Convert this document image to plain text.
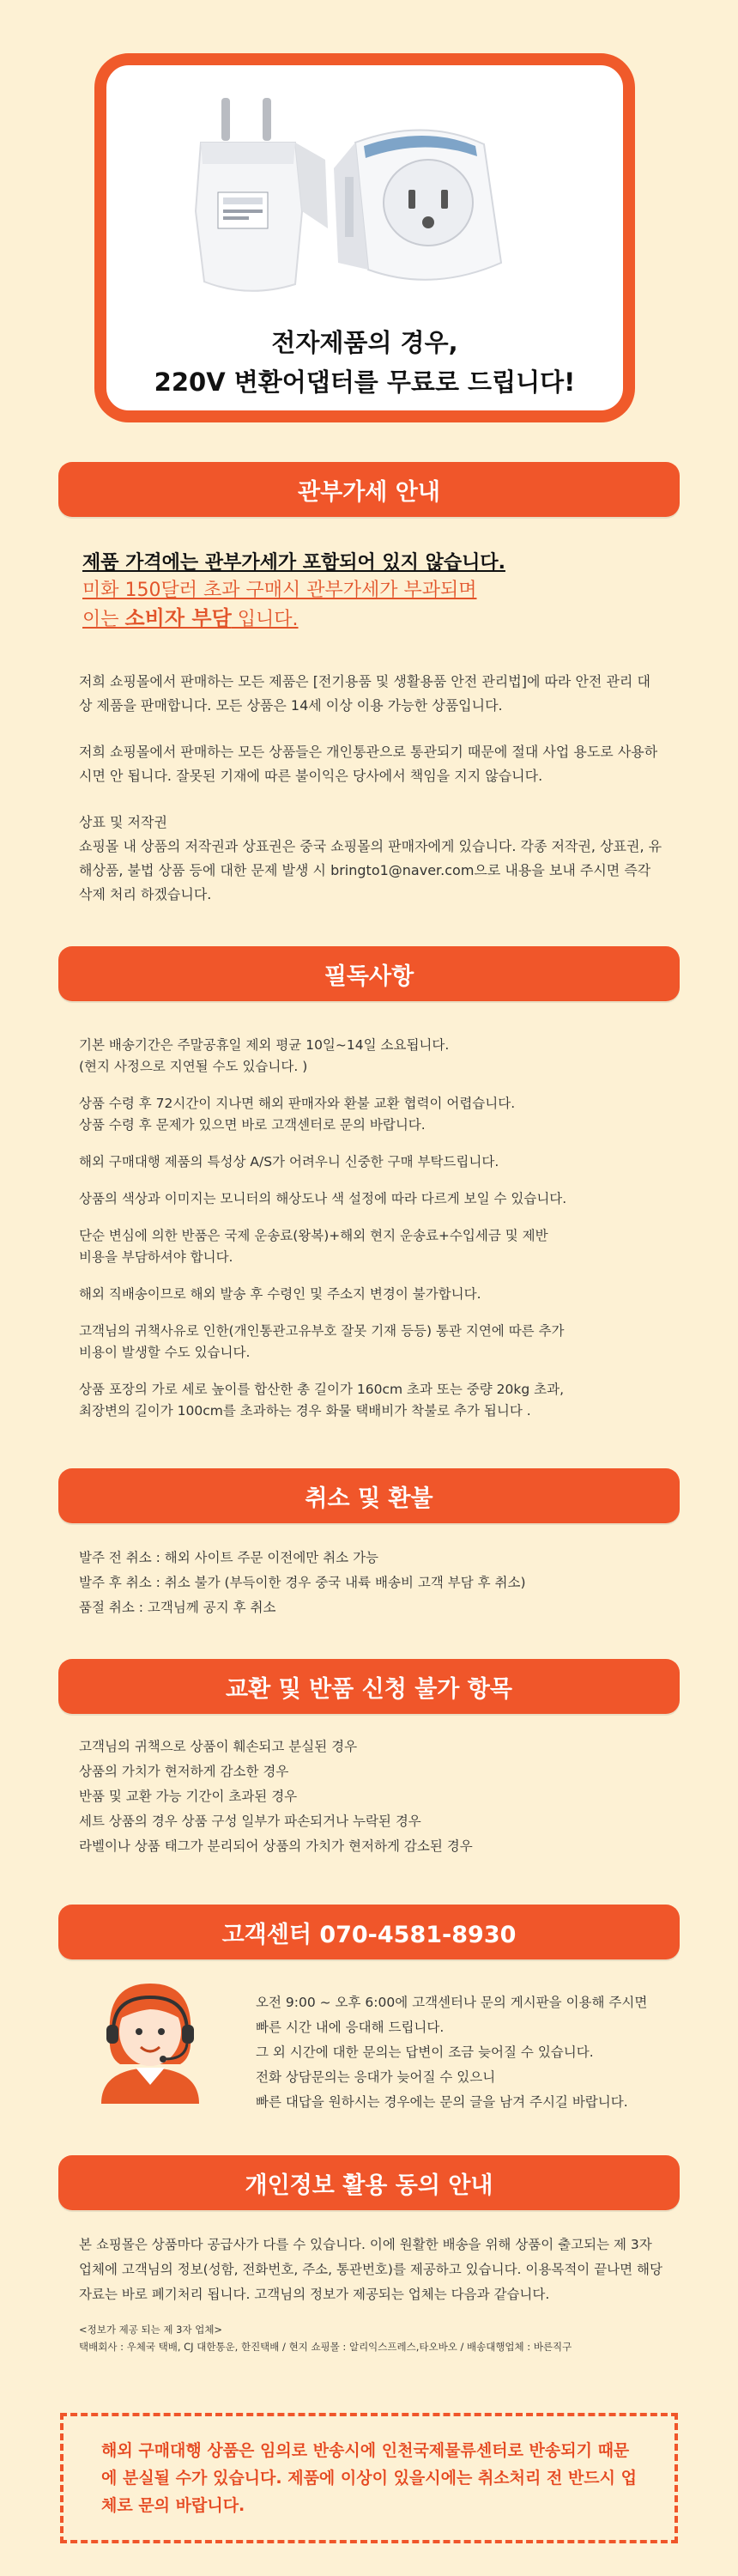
전자제품의 경우,
220V 변환어댑터를 무료로 드립니다!
관부가세 안내
제품 가격에는 관부가세가 포함되어 있지 않습니다.
미화 150달러 초과 구매시 관부가세가 부과되며
이는 소비자 부담 입니다.

저희 쇼핑몰에서 판매하는 모든 제품은 [전기용품 및 생활용품 안전 관리법]에 따라 안전 관리 대상 제품을 판매합니다. 모든 상품은 14세 이상 이용 가능한 상품입니다.

저희 쇼핑몰에서 판매하는 모든 상품들은 개인통관으로 통관되기 때문에 절대 사업 용도로 사용하시면 안 됩니다. 잘못된 기재에 따른 불이익은 당사에서 책임을 지지 않습니다.

상표 및 저작권

쇼핑몰 내 상품의 저작권과 상표권은 중국 쇼핑몰의 판매자에게 있습니다. 각종 저작권, 상표권, 유해상품, 불법 상품 등에 대한 문제 발생 시 bringto1@naver.com으로 내용을 보내 주시면 즉각 삭제 처리 하겠습니다.

필독사항

기본 배송기간은 주말공휴일 제외 평균 10일~14일 소요됩니다.
(현지 사정으로 지연될 수도 있습니다. )

상품 수령 후 72시간이 지나면 해외 판매자와 환불 교환 협력이 어렵습니다.
상품 수령 후 문제가 있으면 바로 고객센터로 문의 바랍니다.

해외 구매대행 제품의 특성상 A/S가 어려우니 신중한 구매 부탁드립니다.

상품의 색상과 이미지는 모니터의 해상도나 색 설정에 따라 다르게 보일 수 있습니다.

단순 변심에 의한 반품은 국제 운송료(왕복)+해외 현지 운송료+수입세금 및 제반
비용을 부담하셔야 합니다.

해외 직배송이므로 해외 발송 후 수령인 및 주소지 변경이 불가합니다.

고객님의 귀책사유로 인한(개인통관고유부호 잘못 기재 등등) 통관 지연에 따른 추가
비용이 발생할 수도 있습니다.

상품 포장의 가로 세로 높이를 합산한 총 길이가 160cm 초과 또는 중량 20kg 초과,
최장변의 길이가 100cm를 초과하는 경우 화물 택배비가 착불로 추가 됩니다 .

취소 및 환불

발주 전 취소 : 해외 사이트 주문 이전에만 취소 가능

발주 후 취소 : 취소 불가 (부득이한 경우 중국 내륙 배송비 고객 부담 후 취소)

품절 취소 : 고객님께 공지 후 취소

교환 및 반품 신청 불가 항목

고객님의 귀책으로 상품이 훼손되고 분실된 경우

상품의 가치가 현저하게 감소한 경우

반품 및 교환 가능 기간이 초과된 경우

세트 상품의 경우 상품 구성 일부가 파손되거나 누락된 경우

라벨이나 상품 태그가 분리되어 상품의 가치가 현저하게 감소된 경우

고객센터 070-4581-8930

오전 9:00 ~ 오후 6:00에 고객센터나 문의 게시판을 이용해 주시면

빠른 시간 내에 응대해 드립니다.

그 외 시간에 대한 문의는 답변이 조금 늦어질 수 있습니다.

전화 상담문의는 응대가 늦어질 수 있으니

빠른 대답을 원하시는 경우에는 문의 글을 남겨 주시길 바랍니다.

개인정보 활용 동의 안내

본 쇼핑몰은 상품마다 공급사가 다를 수 있습니다. 이에 원활한 배송을 위해 상품이 출고되는 제 3자 업체에 고객님의 정보(성함, 전화번호, 주소, 통관번호)를 제공하고 있습니다. 이용목적이 끝나면 해당 자료는 바로 폐기처리 됩니다. 고객님의 정보가 제공되는 업체는 다음과 같습니다.

<정보가 제공 되는 제 3자 업체>

택배회사 : 우체국 택배, CJ 대한통운, 한진택배 / 현지 쇼핑몰 : 알리익스프레스,타오바오 / 배송대행업체 : 바른직구

해외 구매대행 상품은 임의로 반송시에 인천국제물류센터로 반송되기 때문에 분실될 수가 있습니다. 제품에 이상이 있을시에는 취소처리 전 반드시 업체로 문의 바랍니다.
